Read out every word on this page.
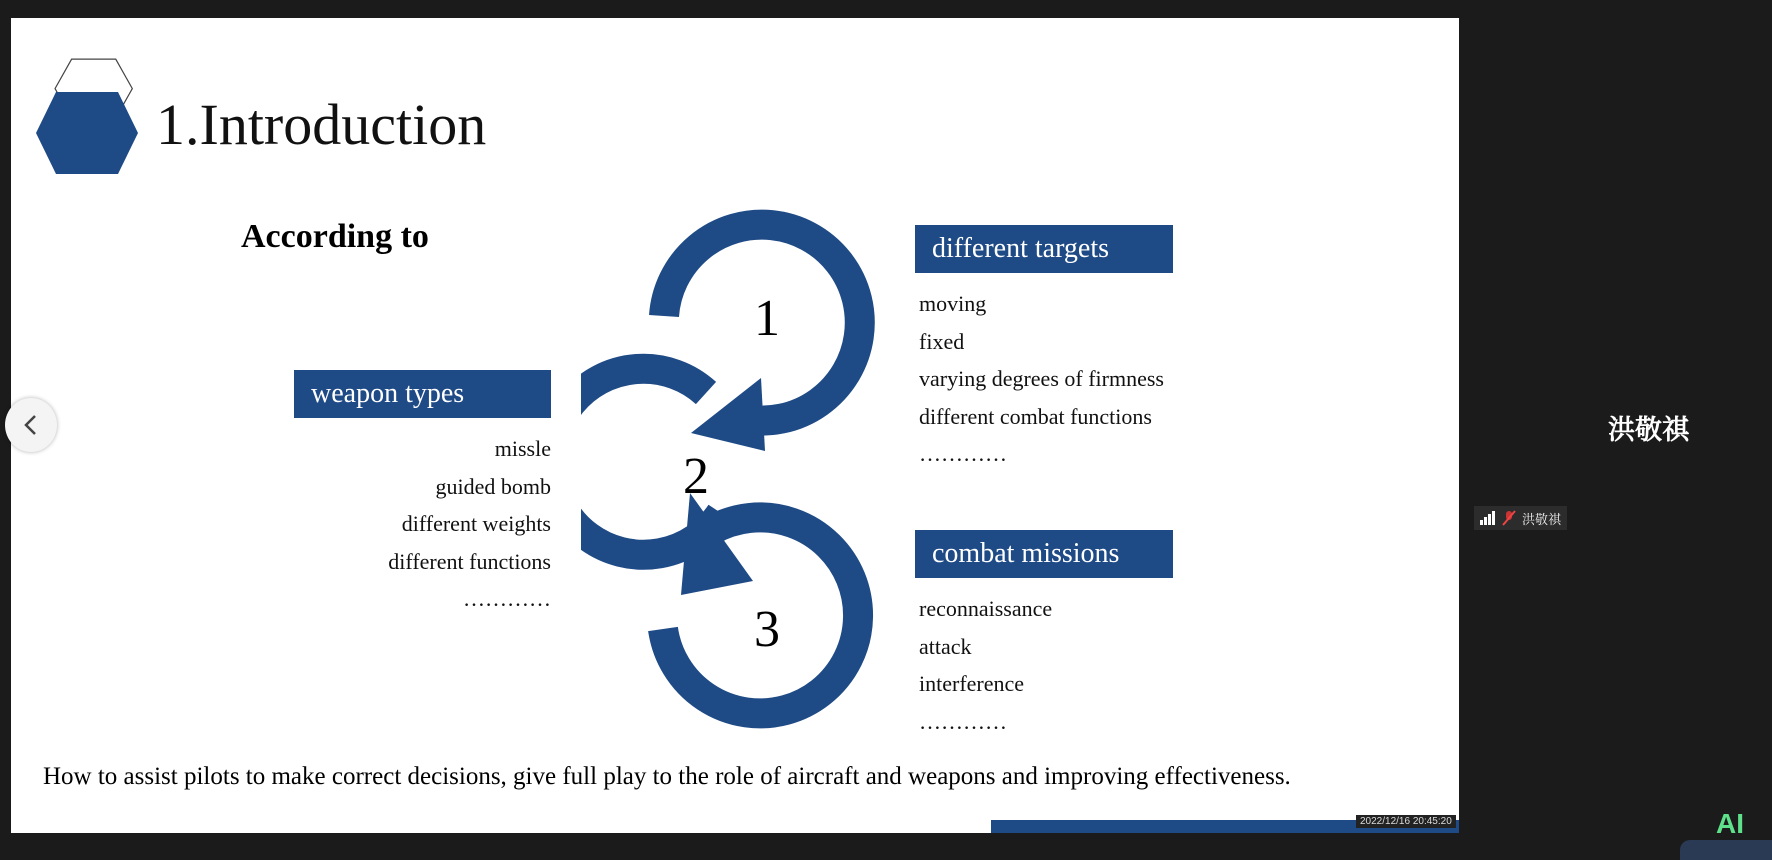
1.Introduction
According to
1
2
3
different targets
moving
fixed
varying degrees of firmness
different combat functions
…………
weapon types
missle
guided bomb
different weights
different functions
…………
combat missions
reconnaissance
attack
interference
…………
How to assist pilots to make correct decisions, give full play to the role of aircraft and weapons and improving effectiveness.
2022/12/16 20:45:20
洪敬祺
洪敬祺
AI
